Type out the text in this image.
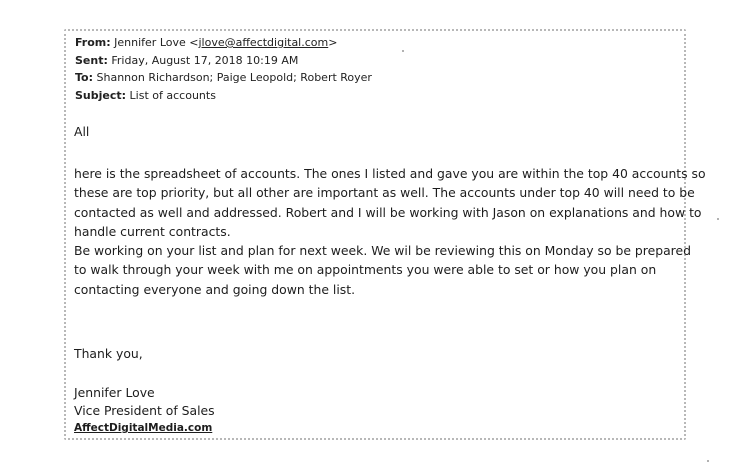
From: Jennifer Love <jlove@affectdigital.com>
Sent: Friday, August 17, 2018 10:19 AM
To: Shannon Richardson; Paige Leopold; Robert Royer
Subject: List of accounts
All
here is the spreadsheet of accounts. The ones I listed and gave you are within the top 40 accounts so
these are top priority, but all other are important as well. The accounts under top 40 will need to be
contacted as well and addressed. Robert and I will be working with Jason on explanations and how to
handle current contracts.
Be working on your list and plan for next week. We wil be reviewing this on Monday so be prepared
to walk through your week with me on appointments you were able to set or how you plan on
contacting everyone and going down the list.
Thank you,
Jennifer Love
Vice President of Sales
AffectDigitalMedia.com
